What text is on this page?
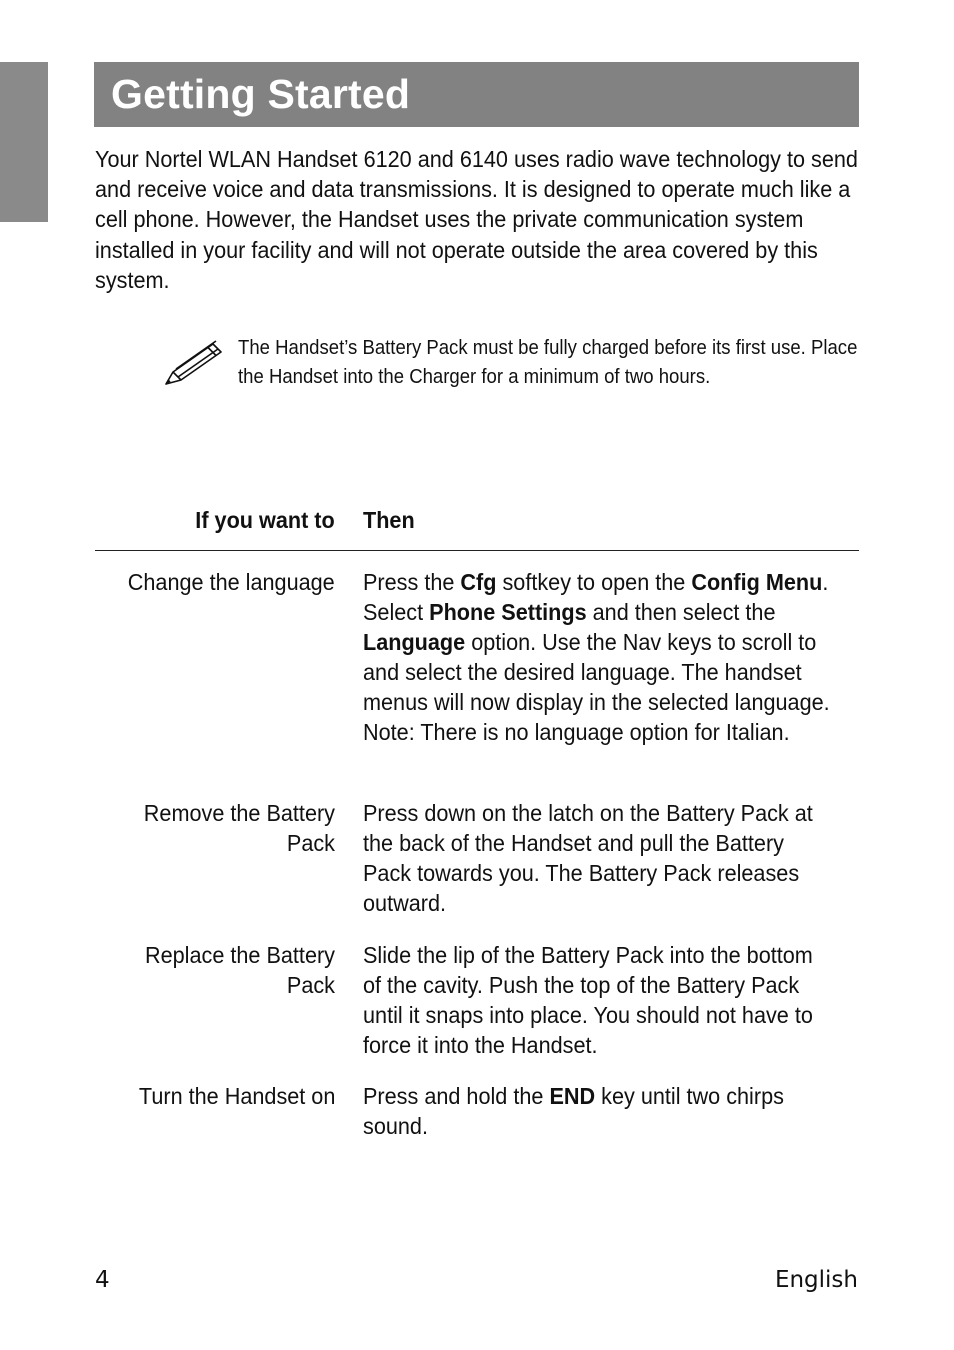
Getting Started

Your Nortel WLAN Handset 6120 and 6140 uses radio wave technology to send and receive voice and data transmissions. It is designed to operate much like a cell phone. However, the Handset uses the private communication system installed in your facility and will not operate outside the area covered by this system.

The Handset’s Battery Pack must be fully charged before its first use. Place the Handset into the Charger for a minimum of two hours.

If you want to Then
Change the language Press the Cfg softkey to open the Config Menu. Select Phone Settings and then select the Language option. Use the Nav keys to scroll to and select the desired language. The handset menus will now display in the selected language. Note: There is no language option for Italian.
Remove the Battery Pack
Press down on the latch on the Battery Pack at the back of the Handset and pull the Battery Pack towards you. The Battery Pack releases outward.
Replace the Battery Pack
Slide the lip of the Battery Pack into the bottom of the cavity. Push the top of the Battery Pack until it snaps into place. You should not have to force it into the Handset.
Turn the Handset on Press and hold the END key until two chirps sound.
4	English
